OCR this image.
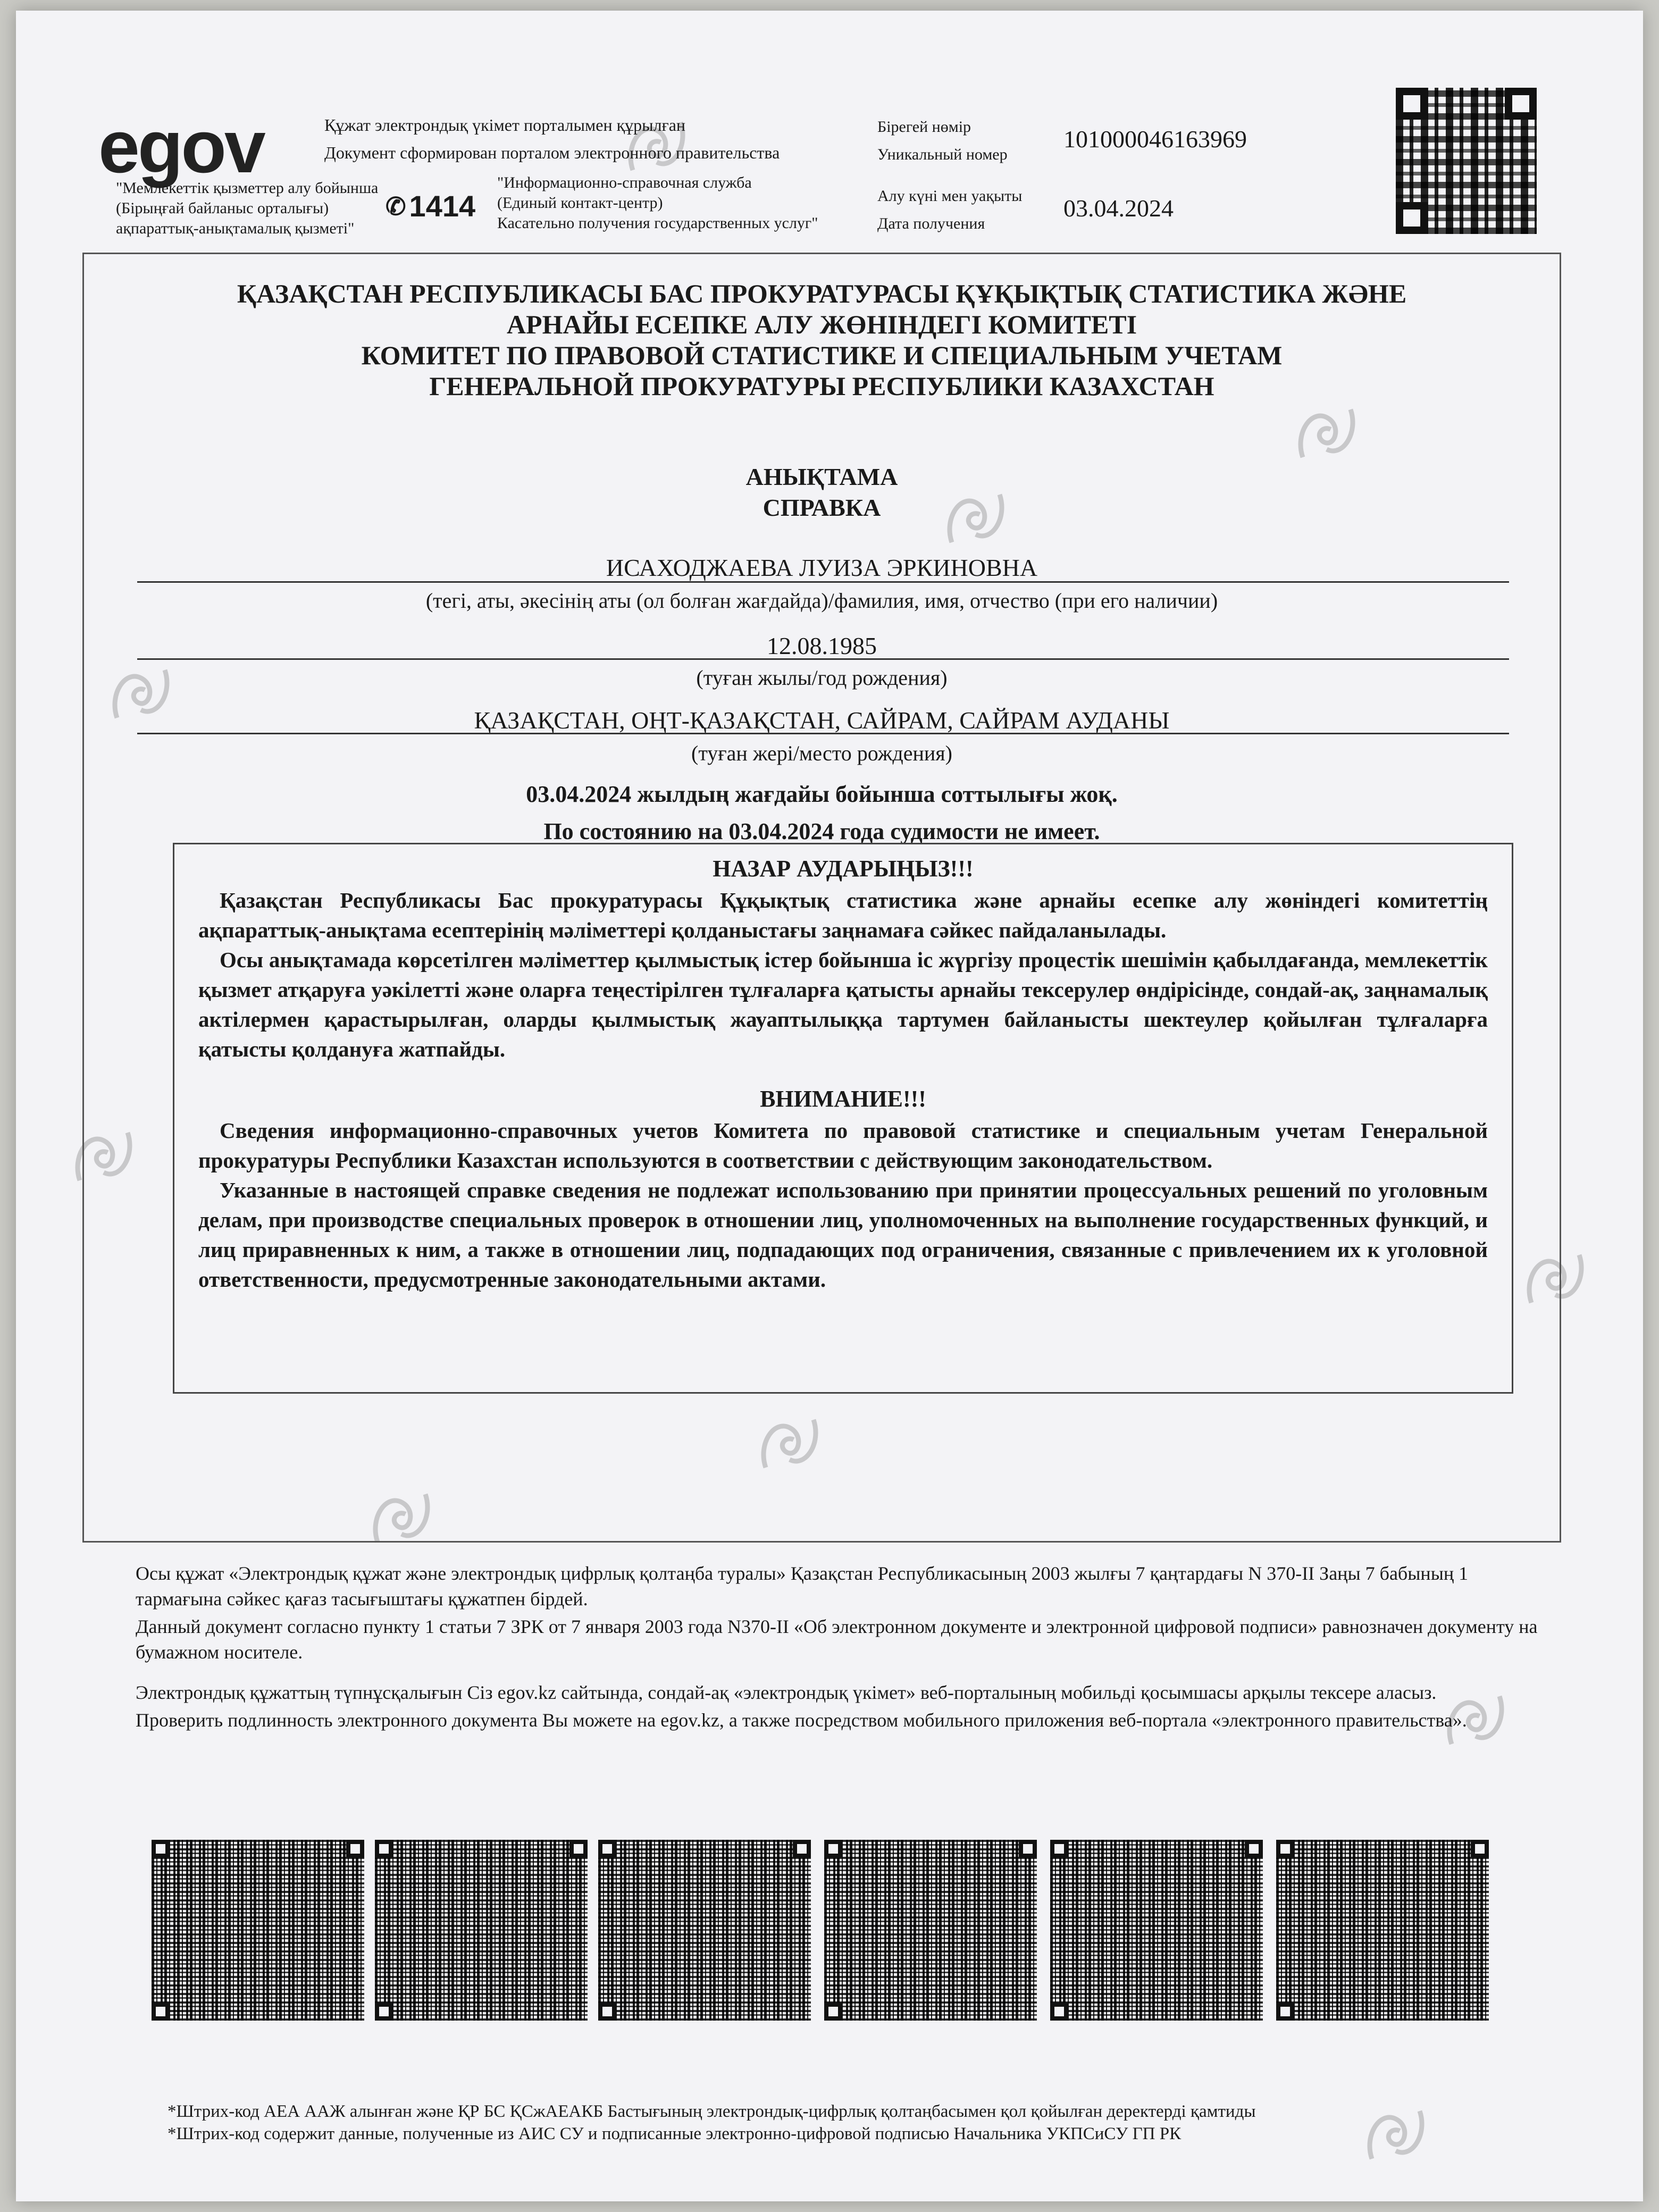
egov	Құжат электрондық үкімет порталымен құрылған
Документ сформирован порталом электронного правительства
"Мемлекеттік қызметтер алу бойынша
(Бірыңғай байланыс орталығы)
ақпараттық-анықтамалық қызметі"
✆ 1414
"Информационно-справочная служба
(Единый контакт-центр)
Касательно получения государственных услуг"
Бірегей нөмір
Уникальный номер
101000046163969
Алу күні мен уақыты
Дата получения
03.04.2024
ҚАЗАҚСТАН РЕСПУБЛИКАСЫ БАС ПРОКУРАТУРАСЫ ҚҰҚЫҚТЫҚ СТАТИСТИКА ЖӘНЕ
АРНАЙЫ ЕСЕПКЕ АЛУ ЖӨНІНДЕГІ КОМИТЕТІ
КОМИТЕТ ПО ПРАВОВОЙ СТАТИСТИКЕ И СПЕЦИАЛЬНЫМ УЧЕТАМ
ГЕНЕРАЛЬНОЙ ПРОКУРАТУРЫ РЕСПУБЛИКИ КАЗАХСТАН
АНЫҚТАМА
СПРАВКА
ИСАХОДЖАЕВА ЛУИЗА ЭРКИНОВНА
(тегі, аты, әкесінің аты (ол болған жағдайда)/фамилия, имя, отчество (при его наличии)
12.08.1985
(туған жылы/год рождения)
ҚАЗАҚСТАН, ОҢТ-ҚАЗАҚСТАН, САЙРАМ, САЙРАМ АУДАНЫ
(туған жері/место рождения)
03.04.2024 жылдың жағдайы бойынша соттылығы жоқ.
По состоянию на 03.04.2024 года судимости не имеет.
НАЗАР АУДАРЫҢЫЗ!!!
Қазақстан Республикасы Бас прокуратурасы Құқықтық статистика және арнайы есепке алу жөніндегі комитеттің ақпараттық-анықтама есептерінің мәліметтері қолданыстағы заңнамаға сәйкес пайдаланылады.
Осы анықтамада көрсетілген мәліметтер қылмыстық істер бойынша іс жүргізу процестік шешімін қабылдағанда, мемлекеттік қызмет атқаруға уәкілетті және оларға теңестірілген тұлғаларға қатысты арнайы тексерулер өндірісінде, сондай-ақ, заңнамалық актілермен қарастырылған, оларды қылмыстық жауаптылыққа тартумен байланысты шектеулер қойылған тұлғаларға қатысты қолдануға жатпайды.
ВНИМАНИЕ!!!
Сведения информационно-справочных учетов Комитета по правовой статистике и специальным учетам Генеральной прокуратуры Республики Казахстан используются в соответствии с действующим законодательством.
Указанные в настоящей справке сведения не подлежат использованию при принятии процессуальных решений по уголовным делам, при производстве специальных проверок в отношении лиц, уполномоченных на выполнение государственных функций, и лиц приравненных к ним, а также в отношении лиц, подпадающих под ограничения, связанные с привлечением их к уголовной ответственности, предусмотренные законодательными актами.
Осы құжат «Электрондық құжат және электрондық цифрлық қолтаңба туралы» Қазақстан Республикасының 2003 жылғы 7 қаңтардағы N 370-II Заңы 7 бабының 1 тармағына сәйкес қағаз тасығыштағы құжатпен бірдей.
Данный документ согласно пункту 1 статьи 7 ЗРК от 7 января 2003 года N370-II «Об электронном документе и электронной цифровой подписи» равнозначен документу на бумажном носителе.
Электрондық құжаттың түпнұсқалығын Сіз egov.kz сайтында, сондай-ақ «электрондық үкімет» веб-порталының мобильді қосымшасы арқылы тексере аласыз.
Проверить подлинность электронного документа Вы можете на egov.kz, а также посредством мобильного приложения веб-портала «электронного правительства».
*Штрих-код АЕА ААЖ алынған және ҚР БС ҚСжАЕАКБ Бастығының электрондық-цифрлық қолтаңбасымен қол қойылған деректерді қамтиды
*Штрих-код содержит данные, полученные из АИС СУ и подписанные электронно-цифровой подписью Начальника УКПСиСУ ГП РК
